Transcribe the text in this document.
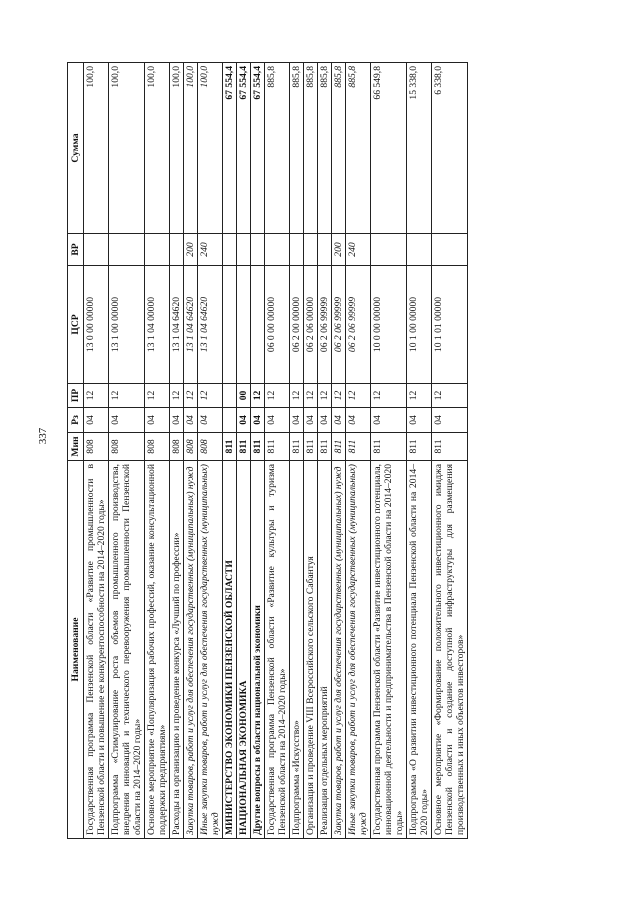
337
Наименование	Мин	Рз	ПР	ЦСР	ВР	Сумма
Государственная программа Пензенской области «Развитие промышленности в Пензенской области и повышение ее конкурентоспособности на 2014–2020 годы»	808	04	12	13 0 00 00000		100,0
Подпрограмма «Стимулирование роста объемов промышленного производства, внедрения инноваций и технического перевооружения промышленности Пензенской области на 2014–2020 годы»	808	04	12	13 1 00 00000		100,0
Основное мероприятие «Популяризация рабочих профессий, оказание консультационной поддержки предприятиям»	808	04	12	13 1 04 00000		100,0
Расходы на организацию и проведение конкурса «Лучший по профессии»	808	04	12	13 1 04 64620		100,0
Закупка товаров, работ и услуг для обеспечения государственных (муниципальных) нужд	808	04	12	13 1 04 64620	200	100,0
Иные закупки товаров, работ и услуг для обеспечения государственных (муниципальных) нужд	808	04	12	13 1 04 64620	240	100,0
МИНИСТЕРСТВО ЭКОНОМИКИ ПЕНЗЕНСКОЙ ОБЛАСТИ	811					67 554,4
НАЦИОНАЛЬНАЯ ЭКОНОМИКА	811	04	00			67 554,4
Другие вопросы в области национальной экономики	811	04	12			67 554,4
Государственная программа Пензенской области «Развитие культуры и туризма Пензенской области на 2014–2020 годы»	811	04	12	06 0 00 00000		885,8
Подпрограмма «Искусство»	811	04	12	06 2 00 00000		885,8
Организация и проведение VIII Всероссийского сельского Сабантуя	811	04	12	06 2 06 00000		885,8
Реализация отдельных мероприятий	811	04	12	06 2 06 99999		885,8
Закупка товаров, работ и услуг для обеспечения государственных (муниципальных) нужд	811	04	12	06 2 06 99999	200	885,8
Иные закупки товаров, работ и услуг для обеспечения государственных (муниципальных) нужд	811	04	12	06 2 06 99999	240	885,8
Государственная программа Пензенской области «Развитие инвестиционного потенциала, инновационной деятельности и предпринимательства в Пензенской области на 2014–2020 годы»	811	04	12	10 0 00 00000		66 549,8
Подпрограмма «О развитии инвестиционного потенциала Пензенской области на 2014–2020 годы»	811	04	12	10 1 00 00000		15 338,0
Основное мероприятие «Формирование положительного инвестиционного имиджа Пензенской области и создание доступной инфраструктуры для размещения производственных и иных объектов инвесторов»	811	04	12	10 1 01 00000		6 338,0
